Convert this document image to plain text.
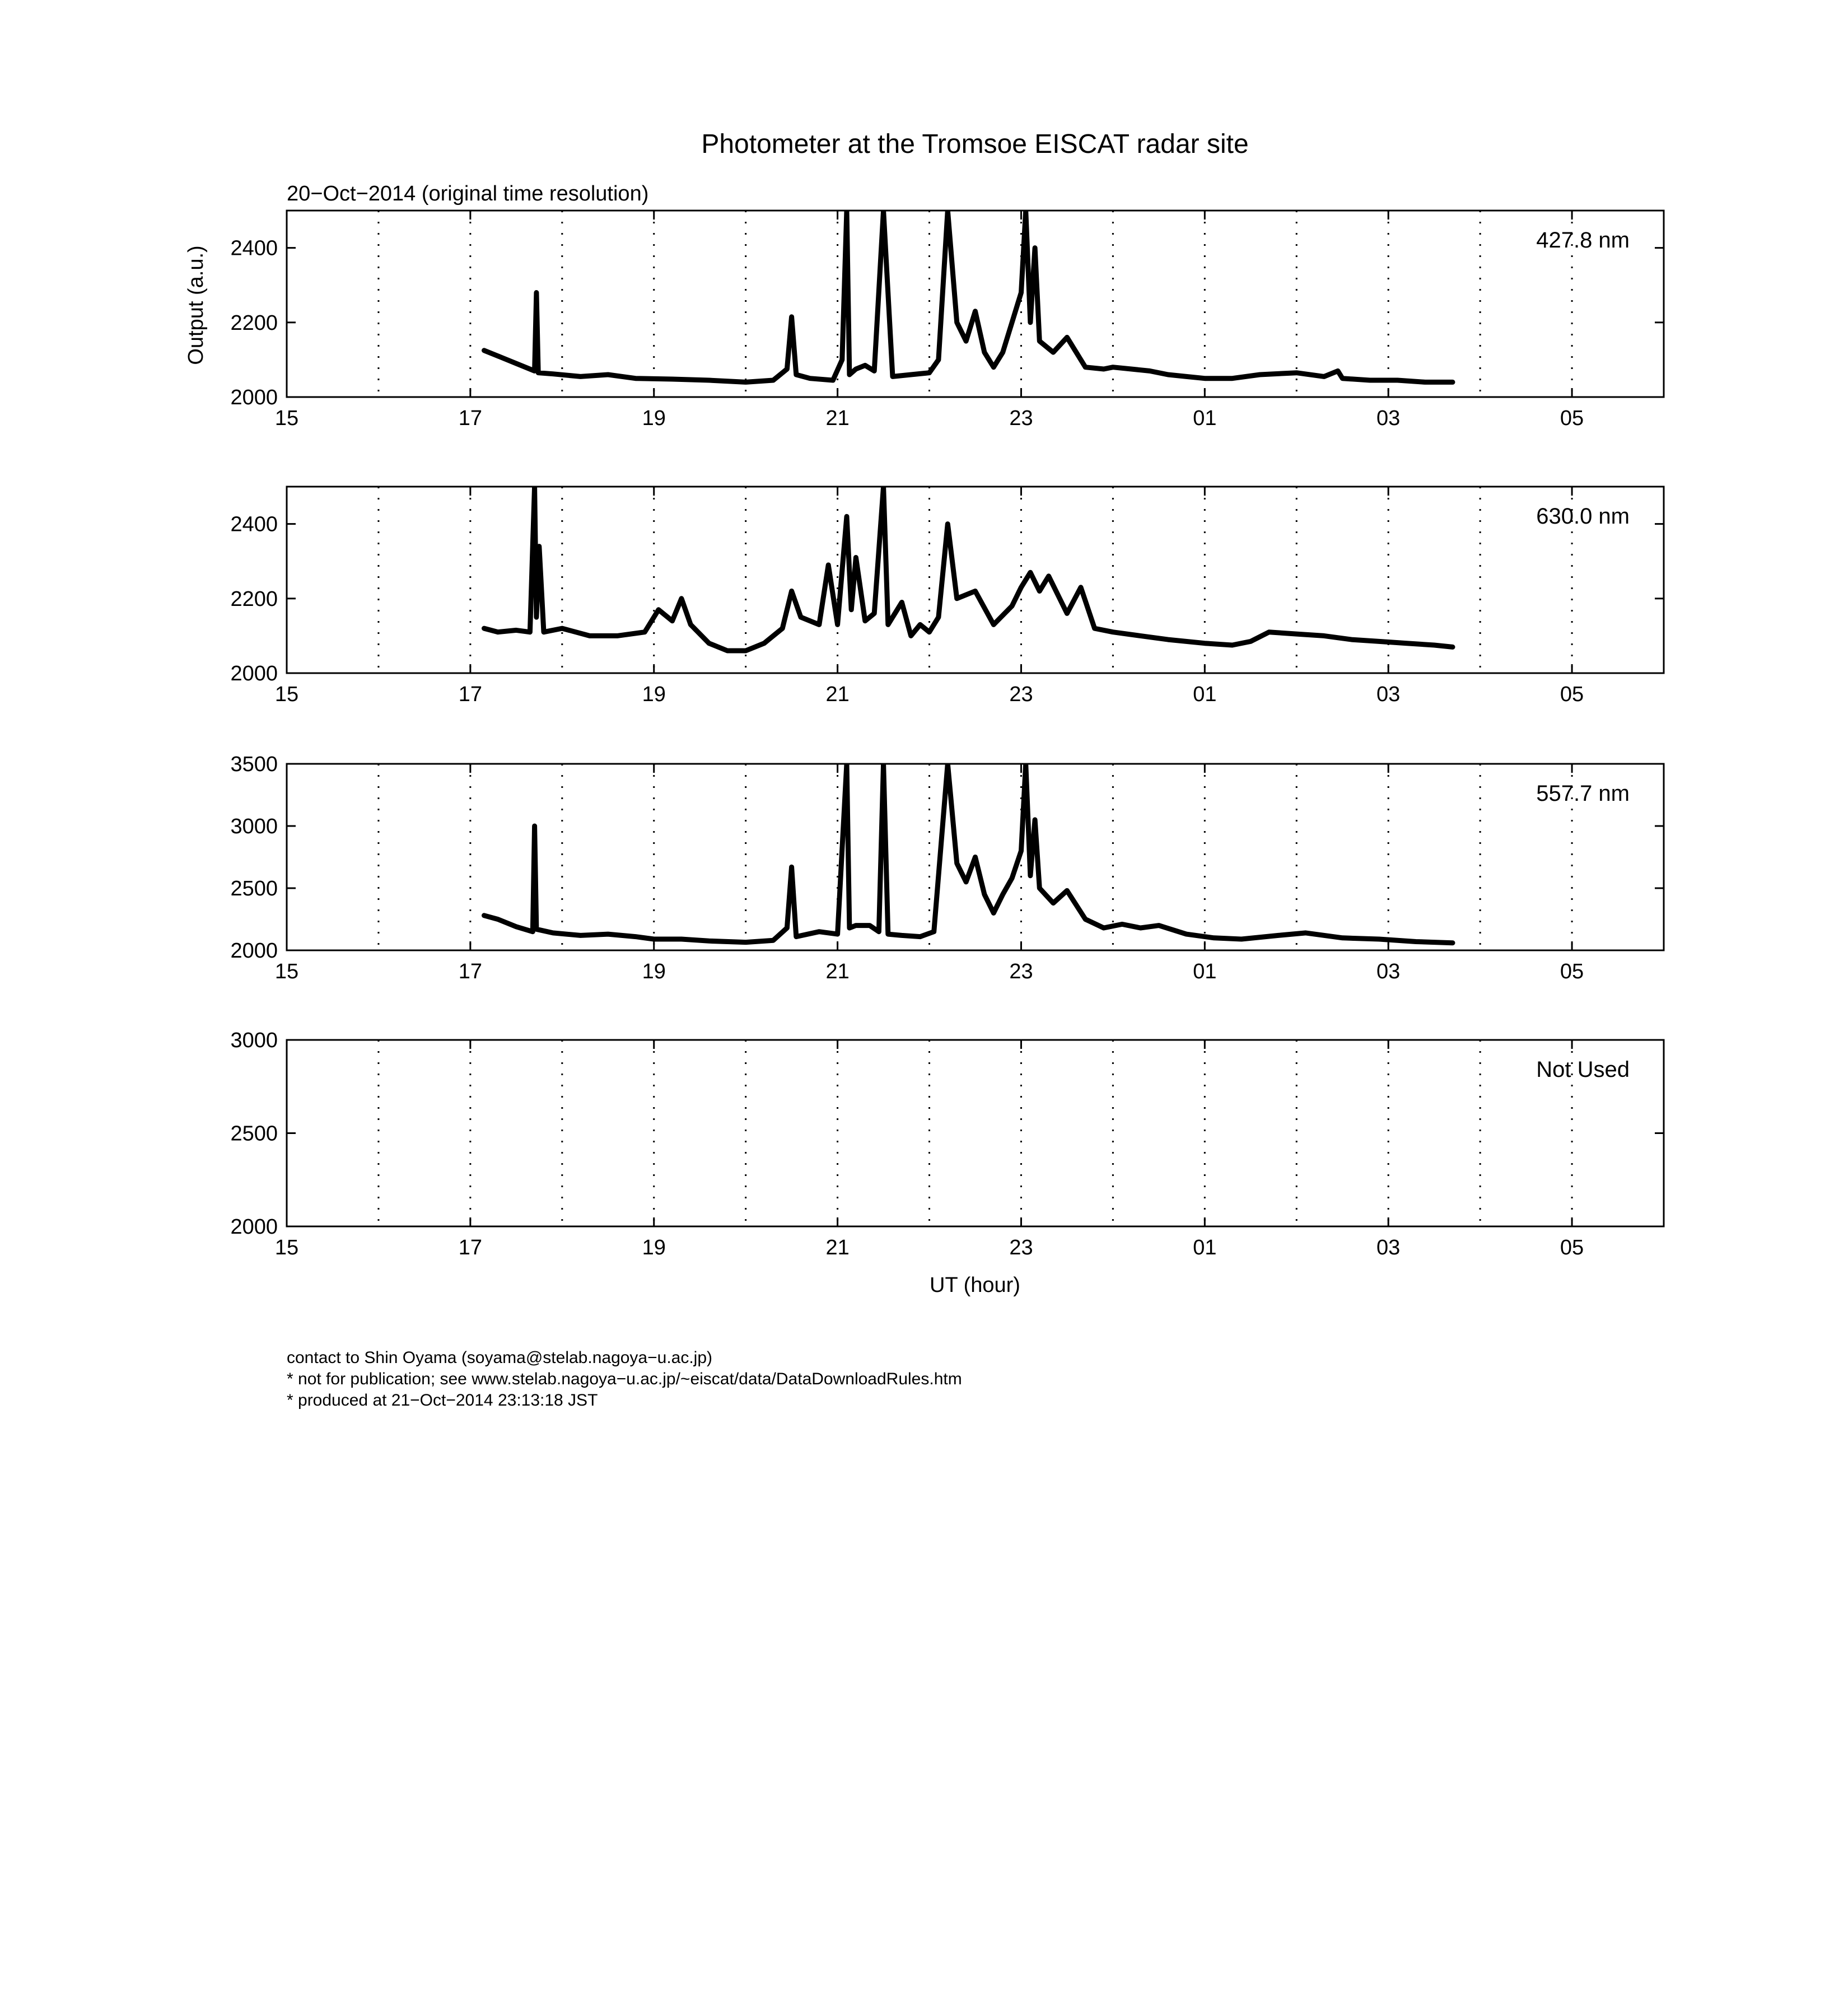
Photometer at the Tromsoe EISCAT radar site
20−Oct−2014 (original time resolution)
Output (a.u.)
UT (hour)
15	17	19	21	23	01	03	05
2000
2200
2400	427.8 nm
15	17	19	21	23	01	03	05
2000
2200
2400	630.0 nm
15	17	19	21	23	01	03	05
2000
2500
3000
3500
557.7 nm
15	17	19	21	23	01	03	05
2000
2500
3000
Not Used
contact to Shin Oyama (soyama@stelab.nagoya−u.ac.jp)
* not for publication; see www.stelab.nagoya−u.ac.jp/~eiscat/data/DataDownloadRules.htm
* produced at 21−Oct−2014 23:13:18 JST
